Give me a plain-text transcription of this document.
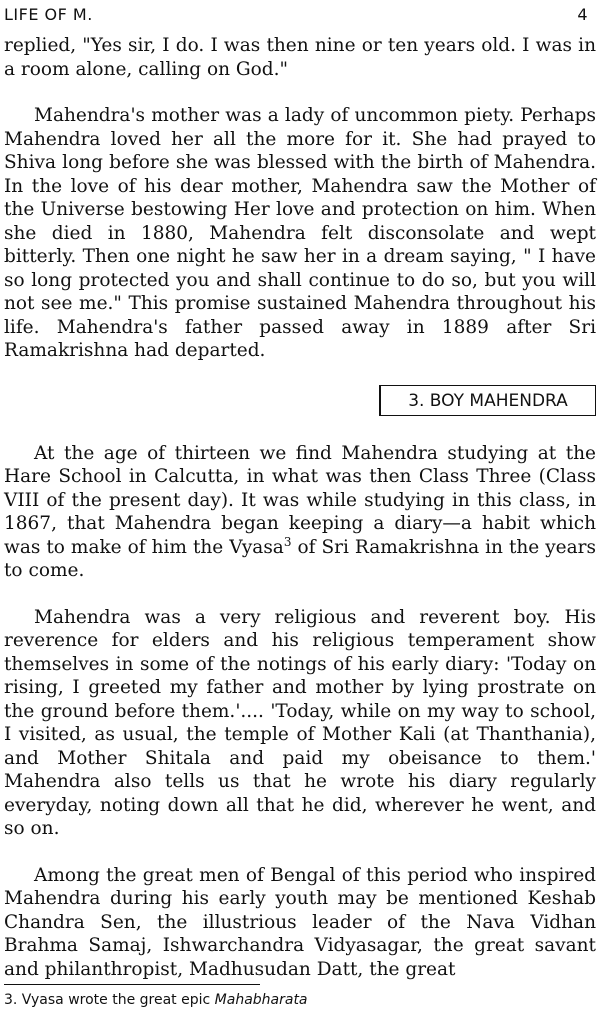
LIFE OF M.	4

replied, "Yes sir, I do. I was then nine or ten years old. I was in a room alone, calling on God."

Mahendra's mother was a lady of uncommon piety. Perhaps Mahendra loved her all the more for it. She had prayed to Shiva long before she was blessed with the birth of Mahendra. In the love of his dear mother, Mahendra saw the Mother of the Universe bestowing Her love and protection on him. When she died in 1880, Mahendra felt disconsolate and wept bitterly. Then one night he saw her in a dream saying, " I have so long protected you and shall continue to do so, but you will not see me." This promise sustained Mahendra throughout his life. Mahendra's father passed away in 1889 after Sri Ramakrishna had departed.

3. BOY MAHENDRA

At the age of thirteen we find Mahendra studying at the Hare School in Calcutta, in what was then Class Three (Class VIII of the present day). It was while studying in this class, in 1867, that Mahendra began keeping a diary—a habit which was to make of him the Vyasa$^3$ of Sri Ramakrishna in the years to come.

Mahendra was a very religious and reverent boy. His reverence for elders and his religious temperament show themselves in some of the notings of his early diary: 'Today on rising, I greeted my father and mother by lying prostrate on the ground before them.'.... 'Today, while on my way to school, I visited, as usual, the temple of Mother Kali (at Thanthania), and Mother Shitala and paid my obeisance to them.' Mahendra also tells us that he wrote his diary regularly everyday, noting down all that he did, wherever he went, and so on.

Among the great men of Bengal of this period who inspired Mahendra during his early youth may be mentioned Keshab Chandra Sen, the illustrious leader of the Nava Vidhan Brahma Samaj, Ishwarchandra Vidyasagar, the great savant and philanthropist, Madhusudan Datt, the great

3. Vyasa wrote the great epic Mahabharata
